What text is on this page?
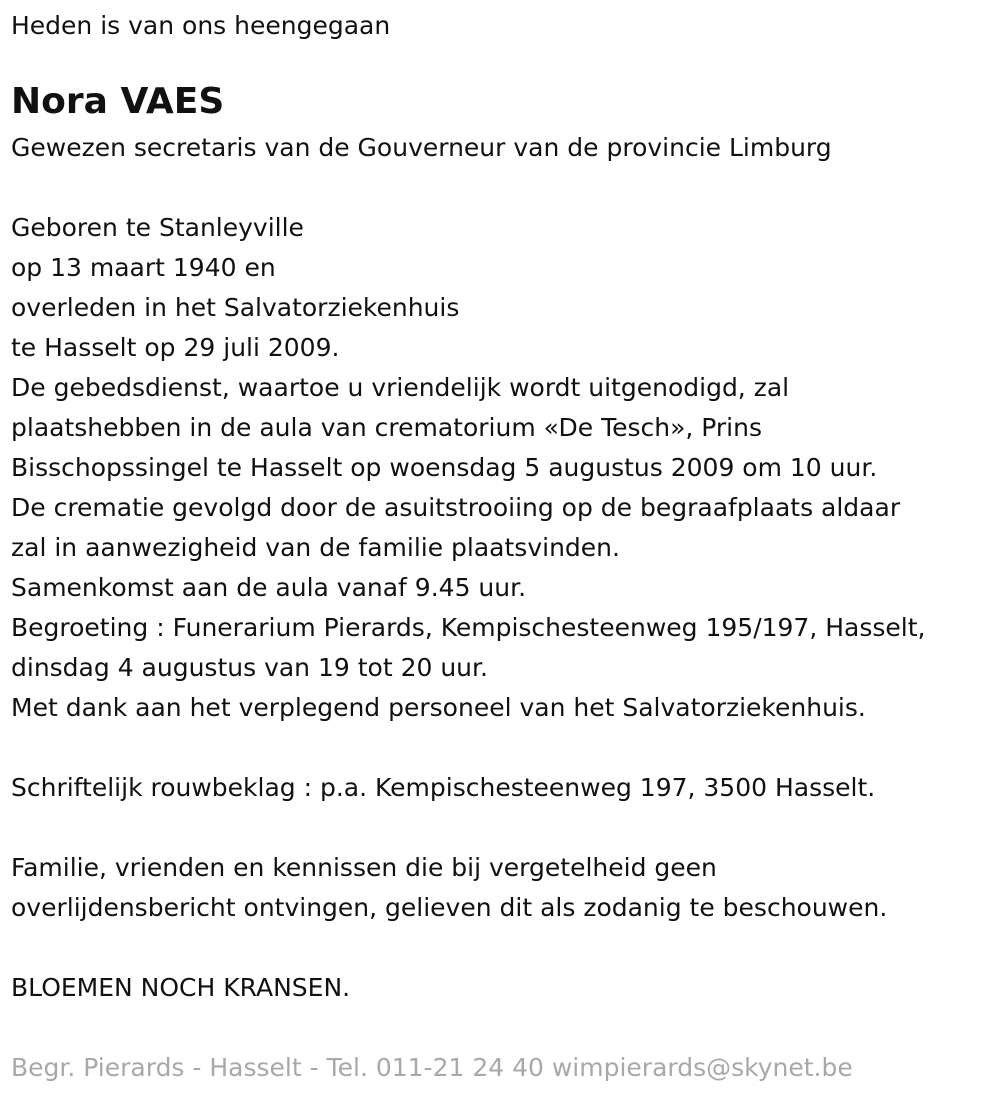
Heden is van ons heengegaan
Nora VAES
Gewezen secretaris van de Gouverneur van de provincie Limburg
Geboren te Stanleyville
op 13 maart 1940 en
overleden in het Salvatorziekenhuis
te Hasselt op 29 juli 2009.
De gebedsdienst, waartoe u vriendelijk wordt uitgenodigd, zal
plaatshebben in de aula van crematorium «De Tesch», Prins
Bisschopssingel te Hasselt op woensdag 5 augustus 2009 om 10 uur.
De crematie gevolgd door de asuitstrooiing op de begraafplaats aldaar
zal in aanwezigheid van de familie plaatsvinden.
Samenkomst aan de aula vanaf 9.45 uur.
Begroeting : Funerarium Pierards, Kempischesteenweg 195/197, Hasselt,
dinsdag 4 augustus van 19 tot 20 uur.
Met dank aan het verplegend personeel van het Salvatorziekenhuis.
Schriftelijk rouwbeklag : p.a. Kempischesteenweg 197, 3500 Hasselt.
Familie, vrienden en kennissen die bij vergetelheid geen
overlijdensbericht ontvingen, gelieven dit als zodanig te beschouwen.
BLOEMEN NOCH KRANSEN.
Begr. Pierards - Hasselt - Tel. 011-21 24 40 wimpierards@skynet.be
